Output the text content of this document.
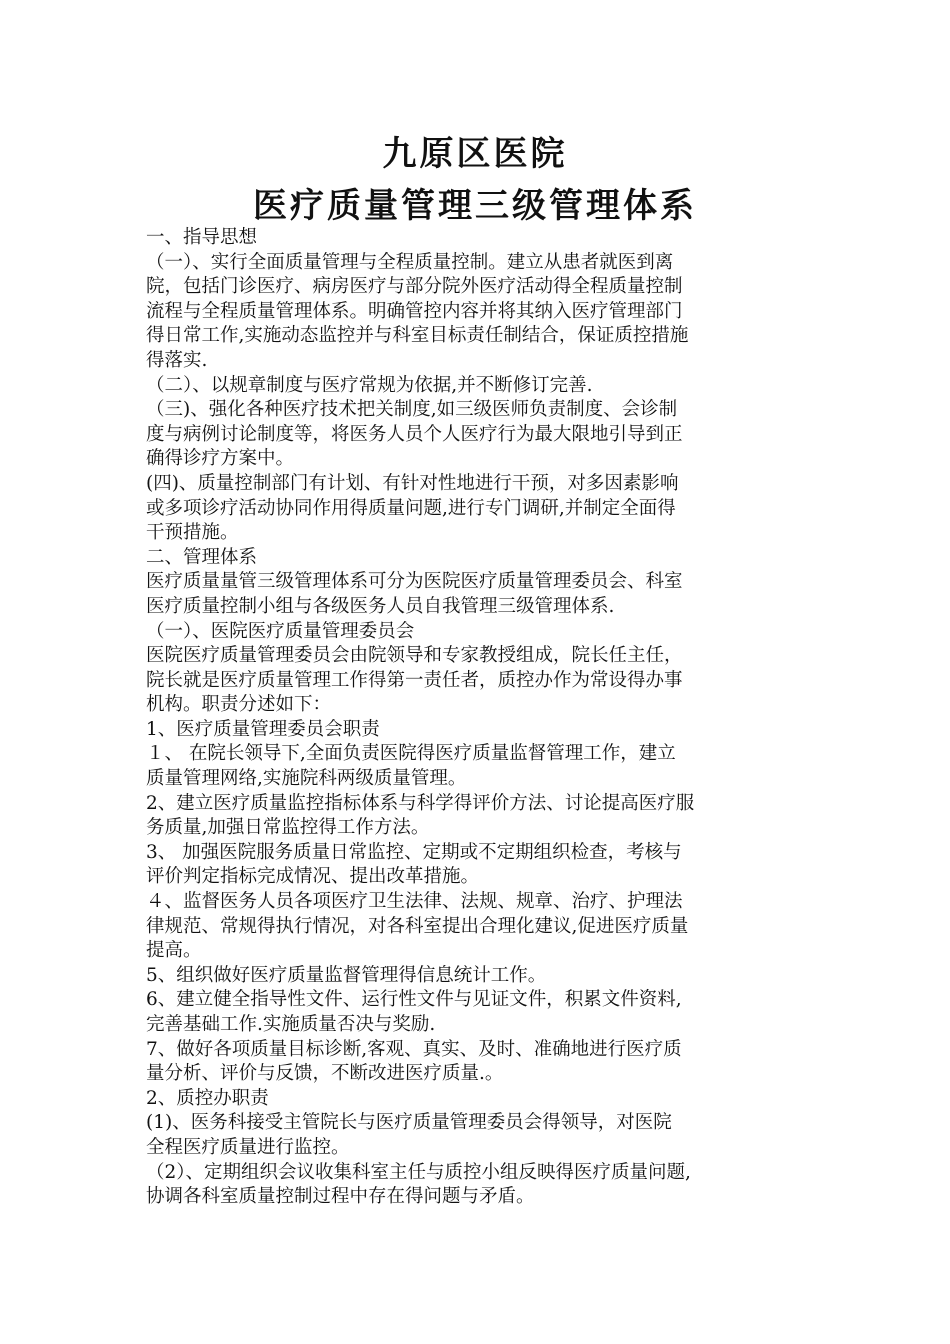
九原区医院
医疗质量管理三级管理体系

一、指导思想

（一）、实行全面质量管理与全程质量控制。建立从患者就医到离

院，包括门诊医疗、病房医疗与部分院外医疗活动得全程质量控制

流程与全程质量管理体系。明确管控内容并将其纳入医疗管理部门

得日常工作,实施动态监控并与科室目标责任制结合，保证质控措施

得落实.

（二）、以规章制度与医疗常规为依据,并不断修订完善.

（三)、强化各种医疗技术把关制度,如三级医师负责制度、会诊制

度与病例讨论制度等，将医务人员个人医疗行为最大限地引导到正

确得诊疗方案中。

(四)、质量控制部门有计划、有针对性地进行干预，对多因素影响

或多项诊疗活动协同作用得质量问题,进行专门调研,并制定全面得

干预措施。

二、管理体系

医疗质量量管三级管理体系可分为医院医疗质量管理委员会、科室

医疗质量控制小组与各级医务人员自我管理三级管理体系.

（一）、医院医疗质量管理委员会

医院医疗质量管理委员会由院领导和专家教授组成，院长任主任，

院长就是医疗质量管理工作得第一责任者，质控办作为常设得办事

机构。职责分述如下：

1、医疗质量管理委员会职责

１、 在院长领导下,全面负责医院得医疗质量监督管理工作，建立

质量管理网络,实施院科两级质量管理。

2、建立医疗质量监控指标体系与科学得评价方法、讨论提高医疗服

务质量,加强日常监控得工作方法。

3、 加强医院服务质量日常监控、定期或不定期组织检查，考核与

评价判定指标完成情况、提出改革措施。

４、监督医务人员各项医疗卫生法律、法规、规章、治疗、护理法

律规范、常规得执行情况，对各科室提出合理化建议,促进医疗质量

提高。

5、组织做好医疗质量监督管理得信息统计工作。

6、建立健全指导性文件、运行性文件与见证文件，积累文件资料,

完善基础工作.实施质量否决与奖励.

7、做好各项质量目标诊断,客观、真实、及时、准确地进行医疗质

量分析、评价与反馈，不断改进医疗质量.。

2、质控办职责

(1)、医务科接受主管院长与医疗质量管理委员会得领导，对医院

全程医疗质量进行监控。

（2）、定期组织会议收集科室主任与质控小组反映得医疗质量问题,

协调各科室质量控制过程中存在得问题与矛盾。
